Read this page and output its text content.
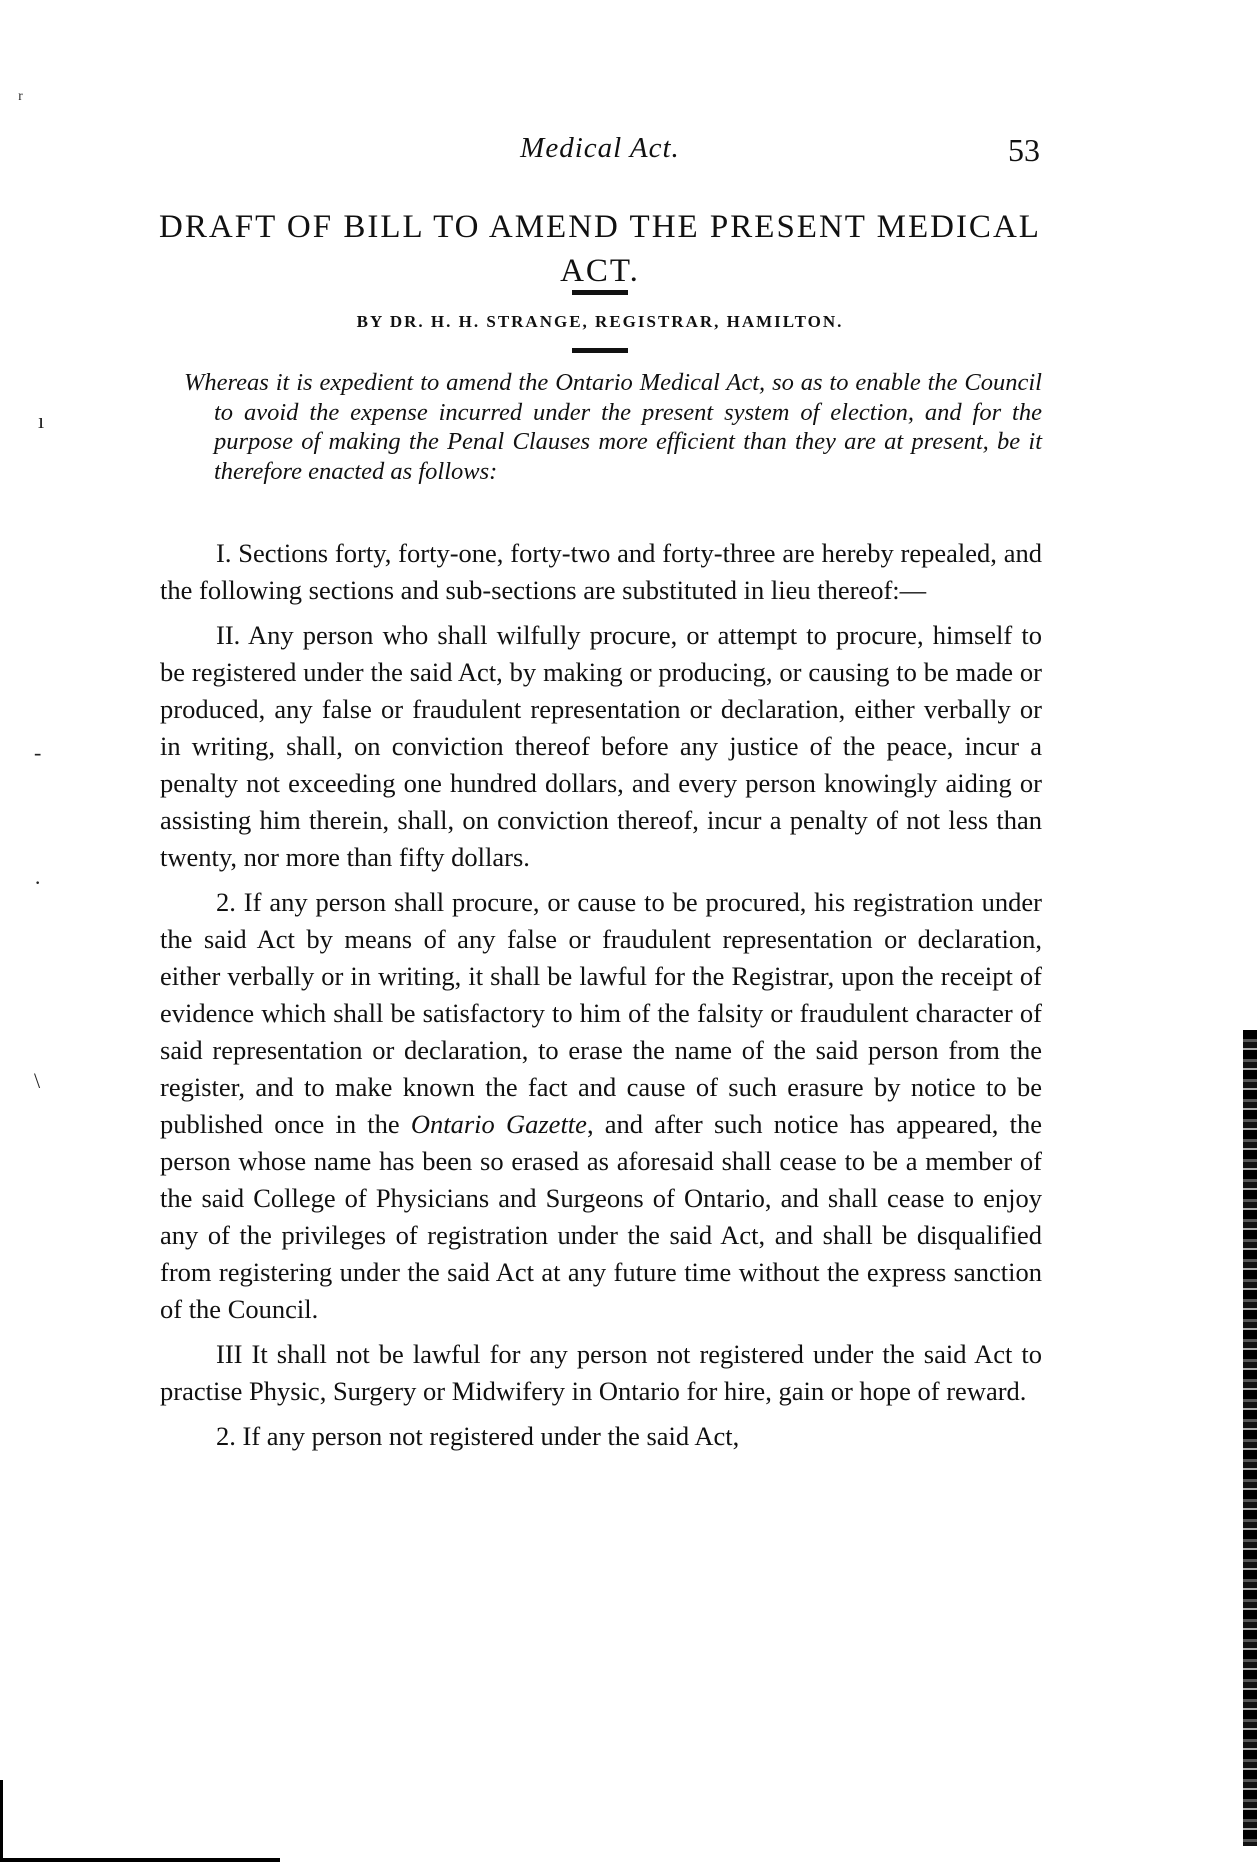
ʳ
ı
-
·
\
Medical Act.	53
DRAFT OF BILL TO AMEND THE PRESENT MEDICAL
ACT.
BY DR. H. H. STRANGE, REGISTRAR, HAMILTON.
Whereas it is expedient to amend the Ontario Medical Act, so as to enable the Council to avoid the expense incurred under the present system of election, and for the purpose of making the Penal Clauses more efficient than they are at present, be it therefore enacted as follows:

I. Sections forty, forty-one, forty-two and forty-three are hereby repealed, and the following sections and sub-sections are substituted in lieu thereof:—

II. Any person who shall wilfully procure, or attempt to procure, himself to be registered under the said Act, by making or producing, or causing to be made or produced, any false or fraudulent representation or declaration, either verbally or in writing, shall, on conviction thereof before any justice of the peace, incur a penalty not exceeding one hundred dollars, and every person knowingly aiding or assisting him therein, shall, on conviction thereof, incur a penalty of not less than twenty, nor more than fifty dollars.

2. If any person shall procure, or cause to be procured, his registration under the said Act by means of any false or fraudulent representation or declaration, either verbally or in writing, it shall be lawful for the Registrar, upon the receipt of evidence which shall be satisfactory to him of the falsity or fraudulent character of said representation or declaration, to erase the name of the said person from the register, and to make known the fact and cause of such erasure by notice to be published once in the Ontario Gazette, and after such notice has appeared, the person whose name has been so erased as aforesaid shall cease to be a member of the said College of Physicians and Surgeons of Ontario, and shall cease to enjoy any of the privileges of registration under the said Act, and shall be disqualified from registering under the said Act at any future time without the express sanction of the Council.

III It shall not be lawful for any person not registered under the said Act to practise Physic, Surgery or Midwifery in Ontario for hire, gain or hope of reward.

2. If any person not registered under the said Act,
